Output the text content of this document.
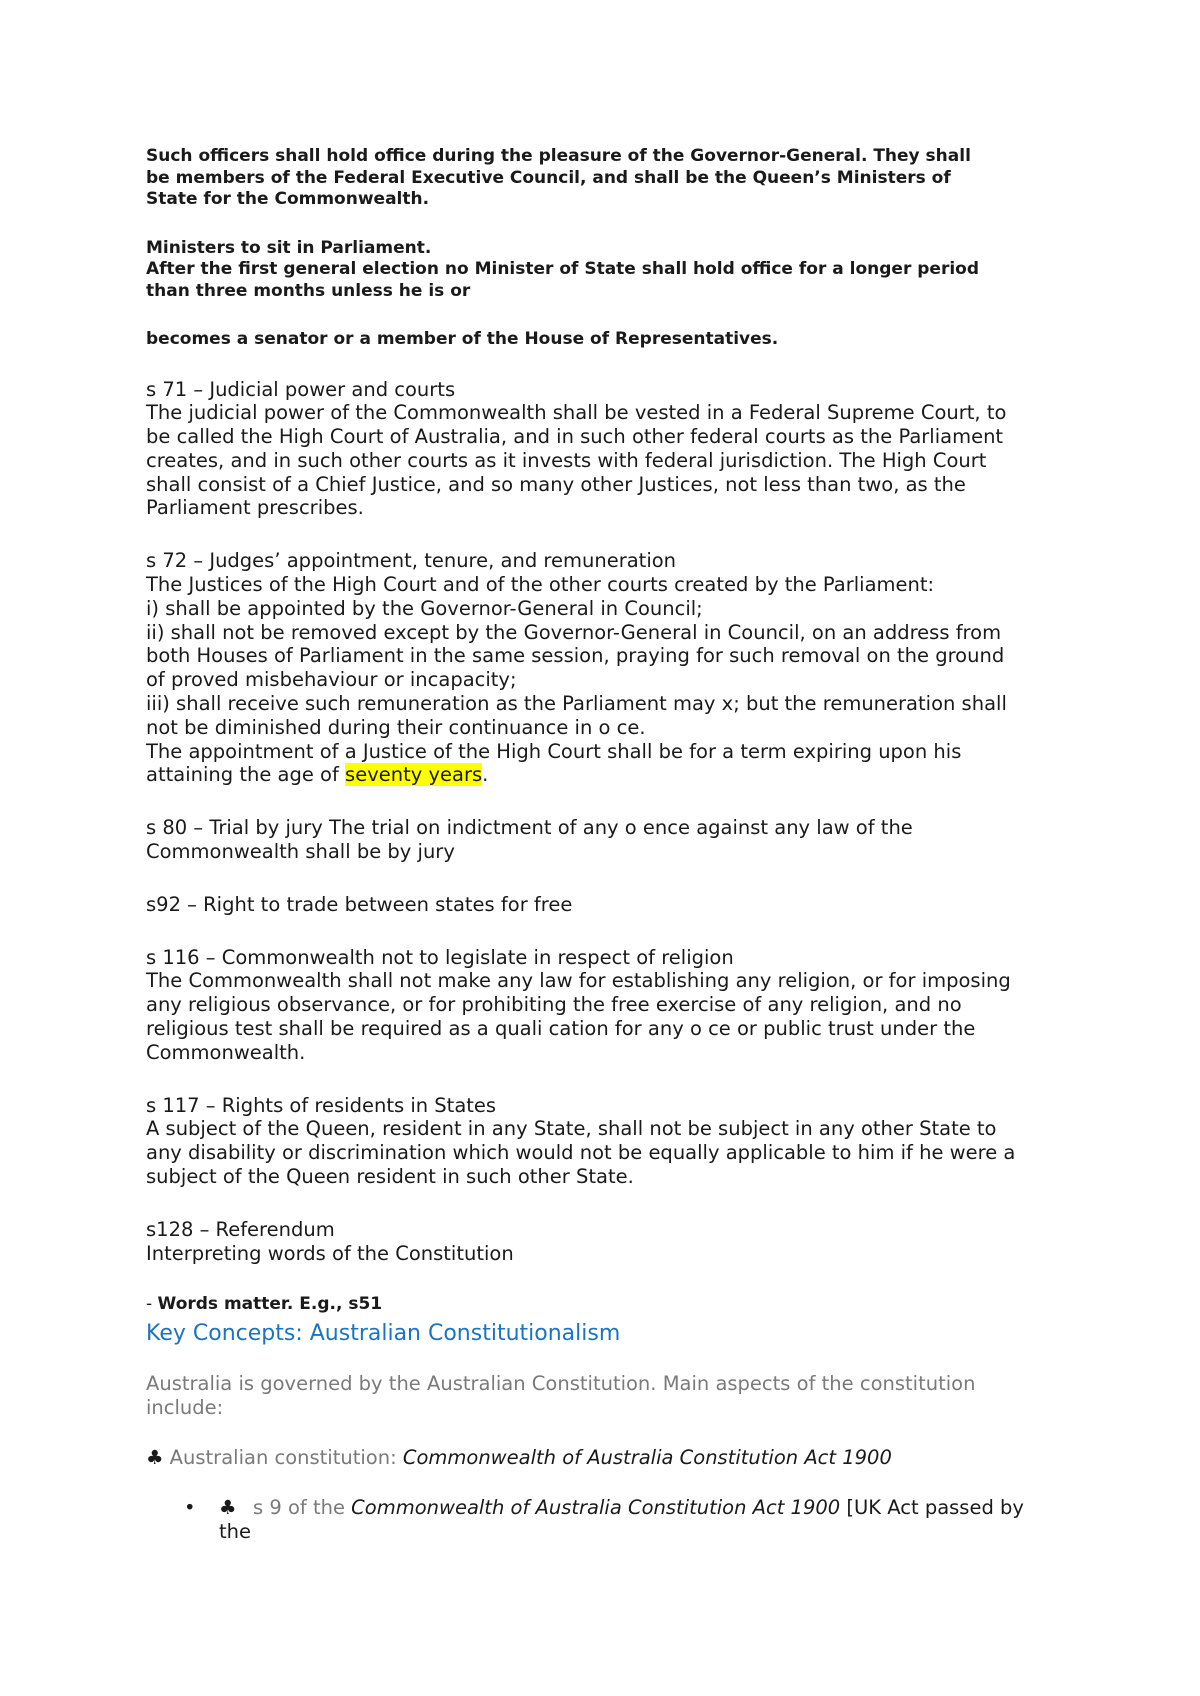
Such officers shall hold office during the pleasure of the Governor-General. They shall
be members of the Federal Executive Council, and shall be the Queen’s Ministers of
State for the Commonwealth.

Ministers to sit in Parliament.
After the first general election no Minister of State shall hold office for a longer period
than three months unless he is or

becomes a senator or a member of the House of Representatives.

s 71 – Judicial power and courts
The judicial power of the Commonwealth shall be vested in a Federal Supreme Court, to
be called the High Court of Australia, and in such other federal courts as the Parliament
creates, and in such other courts as it invests with federal jurisdiction. The High Court
shall consist of a Chief Justice, and so many other Justices, not less than two, as the
Parliament prescribes.

s 72 – Judges’ appointment, tenure, and remuneration
The Justices of the High Court and of the other courts created by the Parliament:
i) shall be appointed by the Governor-General in Council;
ii) shall not be removed except by the Governor-General in Council, on an address from
both Houses of Parliament in the same session, praying for such removal on the ground
of proved misbehaviour or incapacity;
iii) shall receive such remuneration as the Parliament may x; but the remuneration shall
not be diminished during their continuance in o ce.
The appointment of a Justice of the High Court shall be for a term expiring upon his
attaining the age of seventy years.

s 80 – Trial by jury The trial on indictment of any o ence against any law of the
Commonwealth shall be by jury

s92 – Right to trade between states for free

s 116 – Commonwealth not to legislate in respect of religion
The Commonwealth shall not make any law for establishing any religion, or for imposing
any religious observance, or for prohibiting the free exercise of any religion, and no
religious test shall be required as a quali cation for any o ce or public trust under the
Commonwealth.

s 117 – Rights of residents in States
A subject of the Queen, resident in any State, shall not be subject in any other State to
any disability or discrimination which would not be equally applicable to him if he were a
subject of the Queen resident in such other State.

s128 – Referendum
Interpreting words of the Constitution

- Words matter. E.g., s51

Key Concepts: Australian Constitutionalism

Australia is governed by the Australian Constitution. Main aspects of the constitution
include:

♣ Australian constitution: Commonwealth of Australia Constitution Act 1900

• ♣ s 9 of the Commonwealth of Australia Constitution Act 1900 [UK Act passed by
the
